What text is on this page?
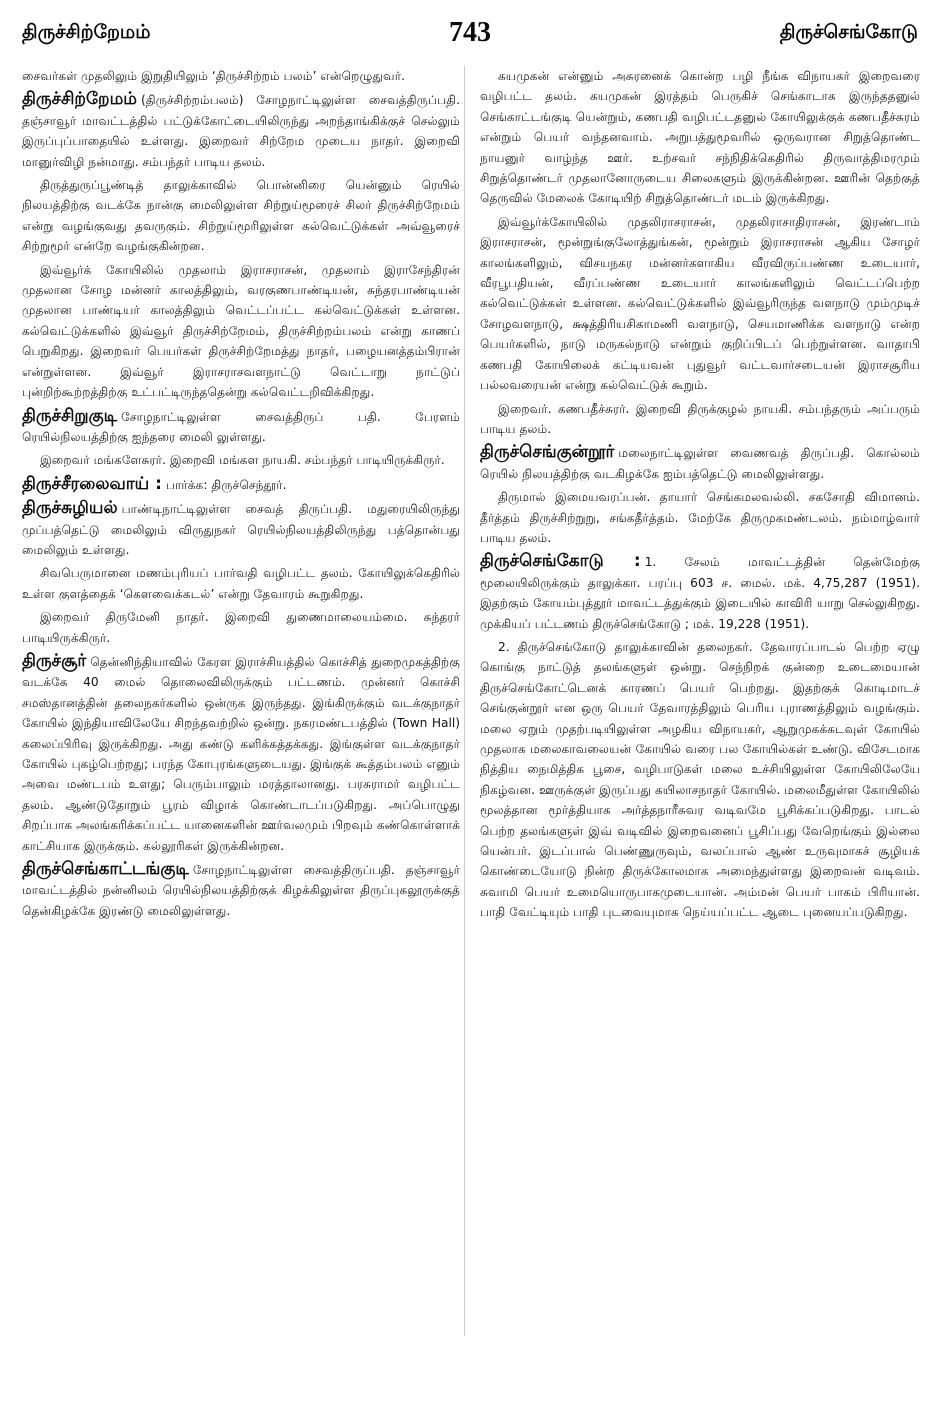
திருச்சிற்றேமம்	743	திருச்செங்கோடு

சைவர்கள் முதலிலும் இறுதியிலும் ‘திருச்சிற்றம் பலம்’ என்றெழுதுவர்.

திருச்சிற்றேமம் (திருச்சிற்றம்பலம்) சோழநாட்டிலுள்ள சைவத்திருப்பதி. தஞ்சாவூர் மாவட்டத்தில் பட்டுக்கோட்டையிலிருந்து அறந்தாங்கிக்குச் செல்லும் இருப்புப்பாதையில் உள்ளது. இறைவர் சிற்றேம முடைய நாதர். இறைவி மானுர்விழி நன்மாது. சம்பந்தர் பாடிய தலம்.

திருத்துருப்பூண்டித் தாலுக்காவில் பொன்னிரை யென்னும் ரெயில் நிலயத்திற்கு வடக்கே நான்கு மைலிலுள்ள சிற்றுய்மூரைச் சிலர் திருச்சிற்றேமம் என்று வழங்குவது தவருகும். சிற்றுய்மூரிலுள்ள கல்வெட்டுக்கள் அவ்வூரைச் சிற்றுமூர் என்றே வழங்குகின்றன.

இவ்வூர்க் கோயிலில் முதலாம் இராசராசன், முதலாம் இராசேந்திரன் முதலான சோழ மன்னர் காலத்திலும், வரகுணபாண்டியன், சுந்தரபாண்டியன் முதலான பாண்டியர் காலத்திலும் வெட்டப்பட்ட கல்வெட்டுக்கள் உள்ளன. கல்வெட்டுக்களில் இவ்வூர் திருச்சிற்றேமம், திருச்சிற்றம்பலம் என்று காணப் பெறுகிறது. இறைவர் பெயர்கள் திருச்சிற்றேமத்து நாதர், பழையனத்தம்பிரான் என்றுள்ளன. இவ்வூர் இராசராசவளநாட்டு வெட்டாறு நாட்டுப் புன்றிற்கூற்றத்திற்கு உட்பட்டிருந்ததென்று கல்வெட்டறிவிக்கிறது.

திருச்சிறுகுடி சோழநாட்டிலுள்ள சைவத்திருப் பதி. பேரளம் ரெயில்நிலயத்திற்கு ஐந்தரை மைலி லுள்ளது.

இறைவர் மங்களேசுரர். இறைவி மங்கள நாயகி. சம்பந்தர் பாடியிருக்கிருர்.

திருச்சீரலைவாய் : பார்க்க: திருச்செந்தூர்.

திருச்சுழியல் பாண்டிநாட்டிலுள்ள சைவத் திருப்பதி. மதுரையிலிருந்து முப்பத்தெட்டு மைலிலும் விருதுநகர் ரெயில்நிலயத்திலிருந்து பத்தொன்பது மைலிலும் உள்ளது.

சிவபெருமானை மணம்புரியப் பார்வதி வழிபட்ட தலம். கோயிலுக்கெதிரில் உள்ள குளத்தைக் ‘கௌவைக்கடல்’ என்று தேவாரம் கூறுகிறது.

இறைவர் திருமேனி நாதர். இறைவி துணைமாலையம்மை. சுந்தரர் பாடியிருக்கிருர்.

திருச்சூர் தென்னிந்தியாவில் கேரள இராச்சியத்தில் கொச்சித் துறைமுகத்திற்கு வடக்கே 40 மைல் தொலைவிலிருக்கும் பட்டணம். முன்னர் கொச்சி சமஸ்தானத்தின் தலைநகர்களில் ஒன்ருக இருந்தது. இங்கிருக்கும் வடக்குநாதர் கோயில் இந்தியாவிலேயே சிறந்தவற்றில் ஒன்று. நகரமண்டபத்தில் (Town Hall) கலைப்பிரிவு இருக்கிறது. அது கண்டு களிக்கத்தக்கது. இங்குள்ள வடக்குநாதர் கோயில் புகழ்பெற்றது; பரந்த கோபுரங்களுடையது. இங்குக் கூத்தம்பலம் எனும் அவை மண்டபம் உளது; பெரும்பாலும் மரத்தாலானது. பரசுராமர் வழிபட்ட தலம். ஆண்டுதோறும் பூரம் விழாக் கொண்டாடப்படுகிறது. அப்பொழுது சிறப்பாக அலங்கரிக்கப்பட்ட யானைகளின் ஊர்வலமும் பிறவும் கண்கொள்ளாக் காட்சியாக இருக்கும். கல்லூரிகள் இருக்கின்றன.

திருச்செங்காட்டங்குடி சோழநாட்டிலுள்ள சைவத்திருப்பதி. தஞ்சாவூர் மாவட்டத்தில் நன்னிலம் ரெயில்நிலயத்திற்குக் கிழக்கிலுள்ள திருப்புகலூருக்குத் தென்கிழக்கே இரண்டு மைலிலுள்ளது.

கயமுகன் என்னும் அசுரனைக் கொன்ற பழி நீங்க விநாயகர் இறைவரை வழிபட்ட தலம். கயமுகன் இரத்தம் பெருகிச் செங்காடாக இருந்ததனுல் செங்காட்டங்குடி யென்றும், கணபதி வழிபட்டதனுல் கோயிலுக்குக் கணபதீச்சுரம் என்றும் பெயர் வந்தனவாம். அறுபத்துமூவரில் ஒருவரான சிறுத்தொண்ட நாயனுர் வாழ்ந்த ஊர். உற்சவர் சந்நிதிக்கெதிரில் திருவாத்திமரமும் சிறுத்தொண்டர் முதலானோருடைய சிலைகளும் இருக்கின்றன. ஊரின் தெற்குத் தெருவில் மேலைக் கோடியிற் சிறுத்தொண்டர் மடம் இருக்கிறது.

இவ்வூர்க்கோயிலில் முதலிராசராசன், முதலிராசாதிராசன், இரண்டாம் இராசராசன், மூன்றுங்குலோத்துங்கன், மூன்றும் இராசராசன் ஆகிய சோழர் காலங்களிலும், விசயநகர மன்னர்களாகிய வீரவிருப்பண்ண உடையார், வீரபூபதியன், வீரப்பண்ண உடையார் காலங்களிலும் வெட்டப்பெற்ற கல்வெட்டுக்கள் உள்ளன. கல்வெட்டுக்களில் இவ்வூரிருந்த வளநாடு மும்முடிச் சோழவளநாடு, க்ஷத்திரியசிகாமணி வளநாடு, செயமாணிக்க வளநாடு என்ற பெயர்களில், நாடு மருகல்நாடு என்றும் குறிப்பிடப் பெற்றுள்ளன. வாதாபி கணபதி கோயிலைக் கட்டியவன் புதுவூர் வட்டவார்சடையன் இராசசூரிய பல்லவரையன் என்று கல்வெட்டுக் கூறும்.

இறைவர். கணபதீச்சுரர். இறைவி திருக்குழல் நாயகி. சம்பந்தரும் அப்பரும் பாடிய தலம்.

திருச்செங்குன்றூர் மலைநாட்டிலுள்ள வைணவத் திருப்பதி. கொல்லம் ரெயில் நிலயத்திற்கு வடகிழக்கே ஐம்பத்தெட்டு மைலிலுள்ளது.

திருமால் இமையவரப்பன். தாயார் செங்கமலவல்லி. சகசோதி விமானம். தீர்த்தம் திருச்சிற்றுறு, சங்கதீர்த்தம். மேற்கே திருமுகமண்டலம். நம்மாழ்வார் பாடிய தலம்.

திருச்செங்கோடு : 1. சேலம் மாவட்டத்தின் தென்மேற்கு மூலையிலிருக்கும் தாலுக்கா. பரப்பு 603 ச. மைல். மக். 4,75,287 (1951). இதற்கும் கோயம்புத்தூர் மாவட்டத்துக்கும் இடையில் காவிரி யாறு செல்லுகிறது. முக்கியப் பட்டணம் திருச்செங்கோடு ; மக். 19,228 (1951).

2. திருச்செங்கோடு தாலுக்காவின் தலைநகர். தேவாரப்பாடல் பெற்ற ஏழு கொங்கு நாட்டுத் தலங்களுள் ஒன்று. செந்நிறக் குன்றை உடைமையான் திருச்செங்கோட்டெனக் காரணப் பெயர் பெற்றது. இதற்குக் கொடிமாடச் செங்குன்றூர் என ஒரு பெயர் தேவாரத்திலும் பெரிய புராணத்திலும் வழங்கும். மலை ஏறும் முதற்படியிலுள்ள அழகிய விநாயகர், ஆறுமுகக்கடவுள் கோயில் முதலாக மலைகாவலையன் கோயில் வரை பல கோயில்கள் உண்டு. விசேடமாக நித்திய நைமித்திக பூசை, வழிபாடுகள் மலை உச்சியிலுள்ள கோயிலிலேயே நிகழ்வன. ஊருக்குள் இருப்பது கயிலாசநாதர் கோயில். மலைமீதுள்ள கோயிலில் மூலத்தான மூர்த்தியாக அர்த்தநாரீசுவர வடிவமே பூசிக்கப்படுகிறது. பாடல் பெற்ற தலங்களுள் இவ் வடிவில் இறைவனைப் பூசிப்பது வேறெங்கும் இல்லை யென்பர். இடப்பால் பெண்ணுருவும், வலப்பால் ஆண் உருவுமாகச் சூழியக் கொண்டையோடு நின்ற திருக்கோலமாக அமைந்துள்ளது இறைவன் வடிவம். சுவாமி பெயர் உமையொருபாகமுடையான். அம்மன் பெயர் பாகம் பிரியான். பாதி வேட்டியும் பாதி புடவையுமாக நெய்யப்பட்ட ஆடை புனையப்படுகிறது.
